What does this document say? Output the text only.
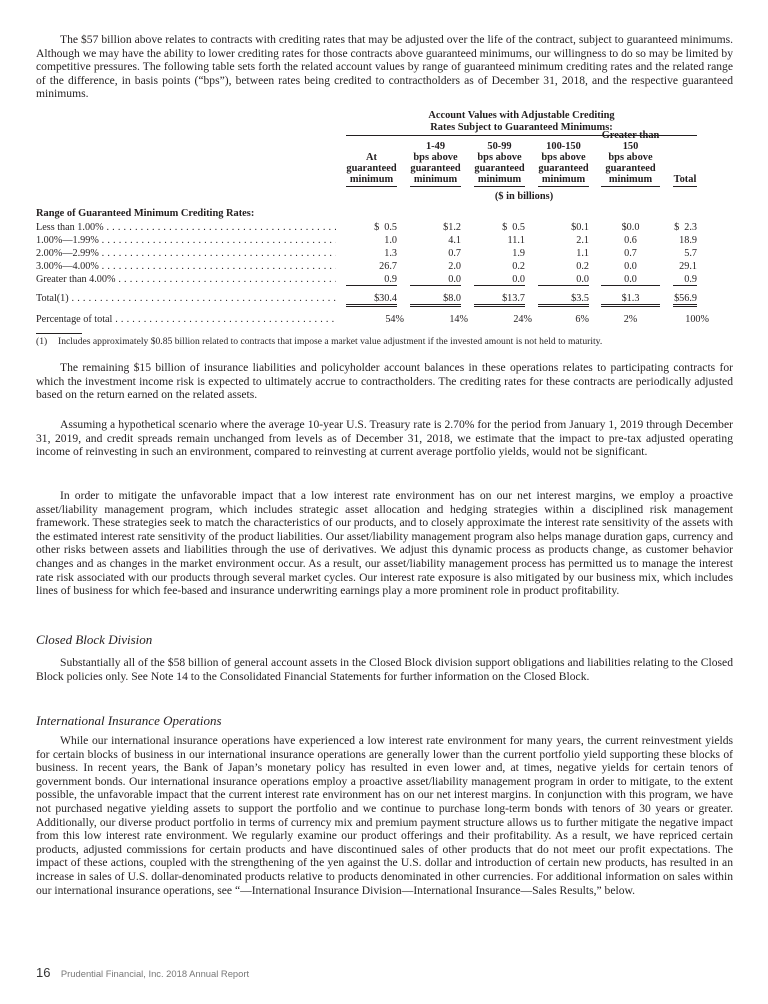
The $57 billion above relates to contracts with crediting rates that may be adjusted over the life of the contract, subject to guaranteed minimums. Although we may have the ability to lower crediting rates for those contracts above guaranteed minimums, our willingness to do so may be limited by competitive pressures. The following table sets forth the related account values by range of guaranteed minimum crediting rates and the related range of the difference, in basis points (“bps”), between rates being credited to contractholders as of December 31, 2018, and the respective guaranteed minimums.

Account Values with Adjustable Crediting
Rates Subject to Guaranteed Minimums:
At
guaranteed
minimum
1-49
bps above
guaranteed
minimum
50-99
bps above
guaranteed
minimum
100-150
bps above
guaranteed
minimum
Greater than
150
bps above
guaranteed
minimum	Total
($ in billions)
Range of Guaranteed Minimum Crediting Rates:
Less than 1.00% . . .	$  0.5	$1.2	$  0.5	$0.1	$0.0	$  2.3
1.00%—1.99% . . .	1.0	4.1	11.1	2.1	0.6	18.9
2.00%—2.99% . . .	1.3	0.7	1.9	1.1	0.7	5.7
3.00%—4.00% . . .	26.7	2.0	0.2	0.2	0.0	29.1
Greater than 4.00% . . .	0.9	0.0	0.0	0.0	0.0	0.9
Total(1) . . .	$30.4	$8.0	$13.7	$3.5	$1.3	$56.9
Percentage of total . . .	54%	14%	24%	6%	2%	100%
(1) Includes approximately $0.85 billion related to contracts that impose a market value adjustment if the invested amount is not held to maturity.

The remaining $15 billion of insurance liabilities and policyholder account balances in these operations relates to participating contracts for which the investment income risk is expected to ultimately accrue to contractholders. The crediting rates for these contracts are periodically adjusted based on the return earned on the related assets.

Assuming a hypothetical scenario where the average 10-year U.S. Treasury rate is 2.70% for the period from January 1, 2019 through December 31, 2019, and credit spreads remain unchanged from levels as of December 31, 2018, we estimate that the impact to pre-tax adjusted operating income of reinvesting in such an environment, compared to reinvesting at current average portfolio yields, would not be significant.

In order to mitigate the unfavorable impact that a low interest rate environment has on our net interest margins, we employ a proactive asset/liability management program, which includes strategic asset allocation and hedging strategies within a disciplined risk management framework. These strategies seek to match the characteristics of our products, and to closely approximate the interest rate sensitivity of the assets with the estimated interest rate sensitivity of the product liabilities. Our asset/liability management program also helps manage duration gaps, currency and other risks between assets and liabilities through the use of derivatives. We adjust this dynamic process as products change, as customer behavior changes and as changes in the market environment occur. As a result, our asset/liability management process has permitted us to manage the interest rate risk associated with our products through several market cycles. Our interest rate exposure is also mitigated by our business mix, which includes lines of business for which fee-based and insurance underwriting earnings play a more prominent role in product profitability.

Closed Block Division

Substantially all of the $58 billion of general account assets in the Closed Block division support obligations and liabilities relating to the Closed Block policies only. See Note 14 to the Consolidated Financial Statements for further information on the Closed Block.

International Insurance Operations

While our international insurance operations have experienced a low interest rate environment for many years, the current reinvestment yields for certain blocks of business in our international insurance operations are generally lower than the current portfolio yield supporting these blocks of business. In recent years, the Bank of Japan’s monetary policy has resulted in even lower and, at times, negative yields for certain tenors of government bonds. Our international insurance operations employ a proactive asset/liability management program in order to mitigate, to the extent possible, the unfavorable impact that the current interest rate environment has on our net interest margins. In conjunction with this program, we have not purchased negative yielding assets to support the portfolio and we continue to purchase long-term bonds with tenors of 30 years or greater. Additionally, our diverse product portfolio in terms of currency mix and premium payment structure allows us to further mitigate the negative impact from this low interest rate environment. We regularly examine our product offerings and their profitability. As a result, we have repriced certain products, adjusted commissions for certain products and have discontinued sales of other products that do not meet our profit expectations. The impact of these actions, coupled with the strengthening of the yen against the U.S. dollar and introduction of certain new products, has resulted in an increase in sales of U.S. dollar-denominated products relative to products denominated in other currencies. For additional information on sales within our international insurance operations, see “—International Insurance Division—International Insurance—Sales Results,” below.

16 Prudential Financial, Inc. 2018 Annual Report
